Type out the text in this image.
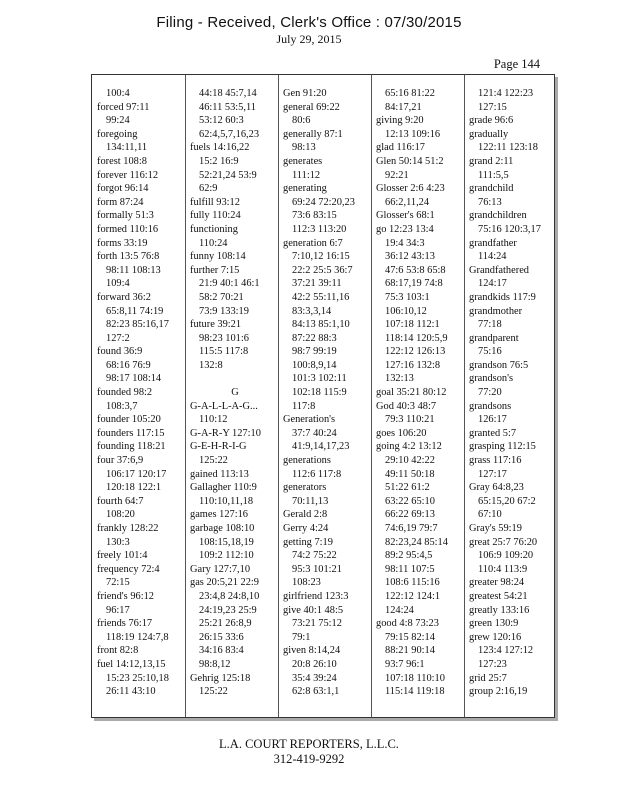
Filing - Received, Clerk's Office : 07/30/2015
July 29, 2015
Page 144
100:4
forced 97:11
99:24
foregoing
134:11,11
forest 108:8
forever 116:12
forgot 96:14
form 87:24
formally 51:3
formed 110:16
forms 33:19
forth 13:5 76:8
98:11 108:13
109:4
forward 36:2
65:8,11 74:19
82:23 85:16,17
127:2
found 36:9
68:16 76:9
98:17 108:14
founded 98:2
108:3,7
founder 105:20
founders 117:15
founding 118:21
four 37:6,9
106:17 120:17
120:18 122:1
fourth 64:7
108:20
frankly 128:22
130:3
freely 101:4
frequency 72:4
72:15
friend's 96:12
96:17
friends 76:17
118:19 124:7,8
front 82:8
fuel 14:12,13,15
15:23 25:10,18
26:11 43:10
44:18 45:7,14
46:11 53:5,11
53:12 60:3
62:4,5,7,16,23
fuels 14:16,22
15:2 16:9
52:21,24 53:9
62:9
fulfill 93:12
fully 110:24
functioning
110:24
funny 108:14
further 7:15
21:9 40:1 46:1
58:2 70:21
73:9 133:19
future 39:21
98:23 101:6
115:5 117:8
132:8
G
G-A-L-L-A-G...
110:12
G-A-R-Y 127:10
G-E-H-R-I-G
125:22
gained 113:13
Gallagher 110:9
110:10,11,18
games 127:16
garbage 108:10
108:15,18,19
109:2 112:10
Gary 127:7,10
gas 20:5,21 22:9
23:4,8 24:8,10
24:19,23 25:9
25:21 26:8,9
26:15 33:6
34:16 83:4
98:8,12
Gehrig 125:18
125:22
Gen 91:20
general 69:22
80:6
generally 87:1
98:13
generates
111:12
generating
69:24 72:20,23
73:6 83:15
112:3 113:20
generation 6:7
7:10,12 16:15
22:2 25:5 36:7
37:21 39:11
42:2 55:11,16
83:3,3,14
84:13 85:1,10
87:22 88:3
98:7 99:19
100:8,9,14
101:3 102:11
102:18 115:9
117:8
Generation's
37:7 40:24
41:9,14,17,23
generations
112:6 117:8
generators
70:11,13
Gerald 2:8
Gerry 4:24
getting 7:19
74:2 75:22
95:3 101:21
108:23
girlfriend 123:3
give 40:1 48:5
73:21 75:12
79:1
given 8:14,24
20:8 26:10
35:4 39:24
62:8 63:1,1
65:16 81:22
84:17,21
giving 9:20
12:13 109:16
glad 116:17
Glen 50:14 51:2
92:21
Glosser 2:6 4:23
66:2,11,24
Glosser's 68:1
go 12:23 13:4
19:4 34:3
36:12 43:13
47:6 53:8 65:8
68:17,19 74:8
75:3 103:1
106:10,12
107:18 112:1
118:14 120:5,9
122:12 126:13
127:16 132:8
132:13
goal 35:21 80:12
God 40:3 48:7
79:3 110:21
goes 106:20
going 4:2 13:12
29:10 42:22
49:11 50:18
51:22 61:2
63:22 65:10
66:22 69:13
74:6,19 79:7
82:23,24 85:14
89:2 95:4,5
98:11 107:5
108:6 115:16
122:12 124:1
124:24
good 4:8 73:23
79:15 82:14
88:21 90:14
93:7 96:1
107:18 110:10
115:14 119:18
121:4 122:23
127:15
grade 96:6
gradually
122:11 123:18
grand 2:11
111:5,5
grandchild
76:13
grandchildren
75:16 120:3,17
grandfather
114:24
Grandfathered
124:17
grandkids 117:9
grandmother
77:18
grandparent
75:16
grandson 76:5
grandson's
77:20
grandsons
126:17
granted 5:7
grasping 112:15
grass 117:16
127:17
Gray 64:8,23
65:15,20 67:2
67:10
Gray's 59:19
great 25:7 76:20
106:9 109:20
110:4 113:9
greater 98:24
greatest 54:21
greatly 133:16
green 130:9
grew 120:16
123:4 127:12
127:23
grid 25:7
group 2:16,19
L.A. COURT REPORTERS, L.L.C.
312-419-9292
